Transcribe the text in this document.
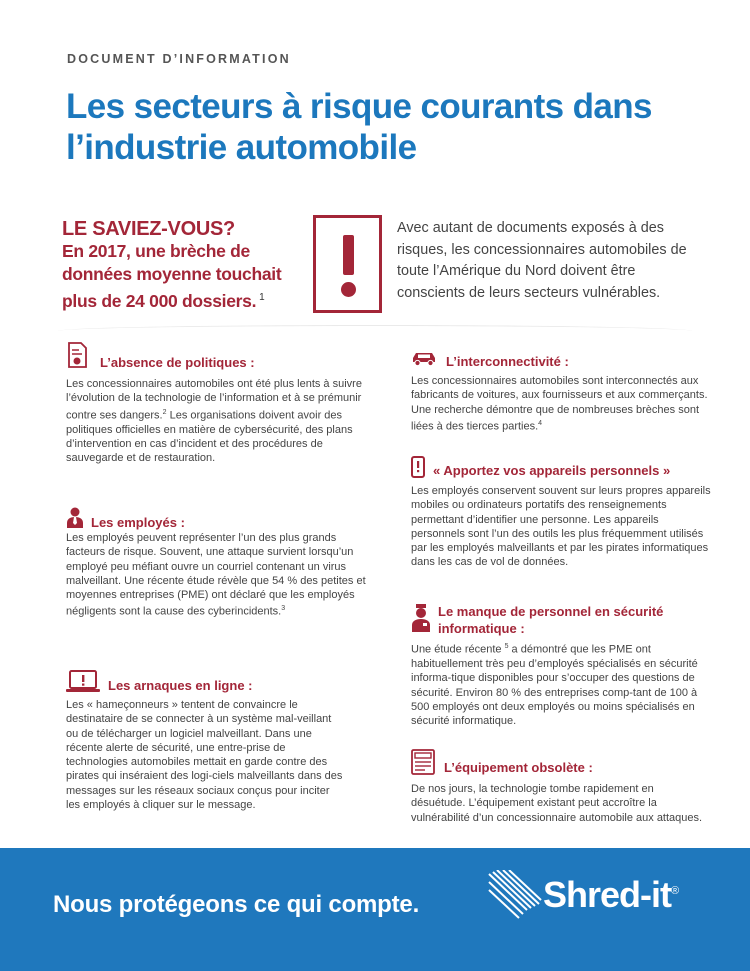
DOCUMENT D’INFORMATION
Les secteurs à risque courants dans l’industrie automobile
LE SAVIEZ-VOUS?
En 2017, une brèche de données moyenne touchait plus de 24 000 dossiers. $^1$
Avec autant de documents exposés à des risques, les concessionnaires automobiles de toute l’Amérique du Nord doivent être conscients de leurs secteurs vulnérables.
L’absence de politiques :

Les concessionnaires automobiles ont été plus lents à suivre l’évolution de la technologie de l’information et à se prémunir contre ses dangers.$^2$ Les organisations doivent avoir des politiques officielles en matière de cybersécurité, des plans d’intervention en cas d’incident et des procédures de sauvegarde et de restauration.

Les employés :

Les employés peuvent représenter l’un des plus grands facteurs de risque. Souvent, une attaque survient lorsqu’un employé peu méfiant ouvre un courriel contenant un virus malveillant. Une récente étude révèle que 54 % des petites et moyennes entreprises (PME) ont déclaré que les employés négligents sont la cause des cyberincidents.$^3$

Les arnaques en ligne :

Les « hameçonneurs » tentent de convaincre le destinataire de se connecter à un système mal-veillant ou de télécharger un logiciel malveillant. Dans une récente alerte de sécurité, une entre-prise de technologies automobiles mettait en garde contre des pirates qui inséraient des logi-ciels malveillants dans des messages sur les réseaux sociaux conçus pour inciter les employés à cliquer sur le message.

L’interconnectivité :

Les concessionnaires automobiles sont interconnectés aux fabricants de voitures, aux fournisseurs et aux commerçants. Une recherche démontre que de nombreuses brèches sont liées à des tierces parties.$^4$

« Apportez vos appareils personnels »

Les employés conservent souvent sur leurs propres appareils mobiles ou ordinateurs portatifs des renseignements permettant d’identifier une personne. Les appareils personnels sont l’un des outils les plus fréquemment utilisés par les employés malveillants et par les pirates informatiques dans les cas de vol de données.

Le manque de personnel en sécurité
informatique :

Une étude récente $^5$ a démontré que les PME ont habituellement très peu d’employés spécialisés en sécurité informa-tique disponibles pour s’occuper des questions de sécurité. Environ 80 % des entreprises comp-tant de 100 à 500 employés ont deux employés ou moins spécialisés en sécurité informatique.

L’équipement obsolète :

De nos jours, la technologie tombe rapidement en désuétude. L’équipement existant peut accroître la vulnérabilité d’un concessionnaire automobile aux attaques.

Nous protégeons ce qui compte.	Shred-it®
